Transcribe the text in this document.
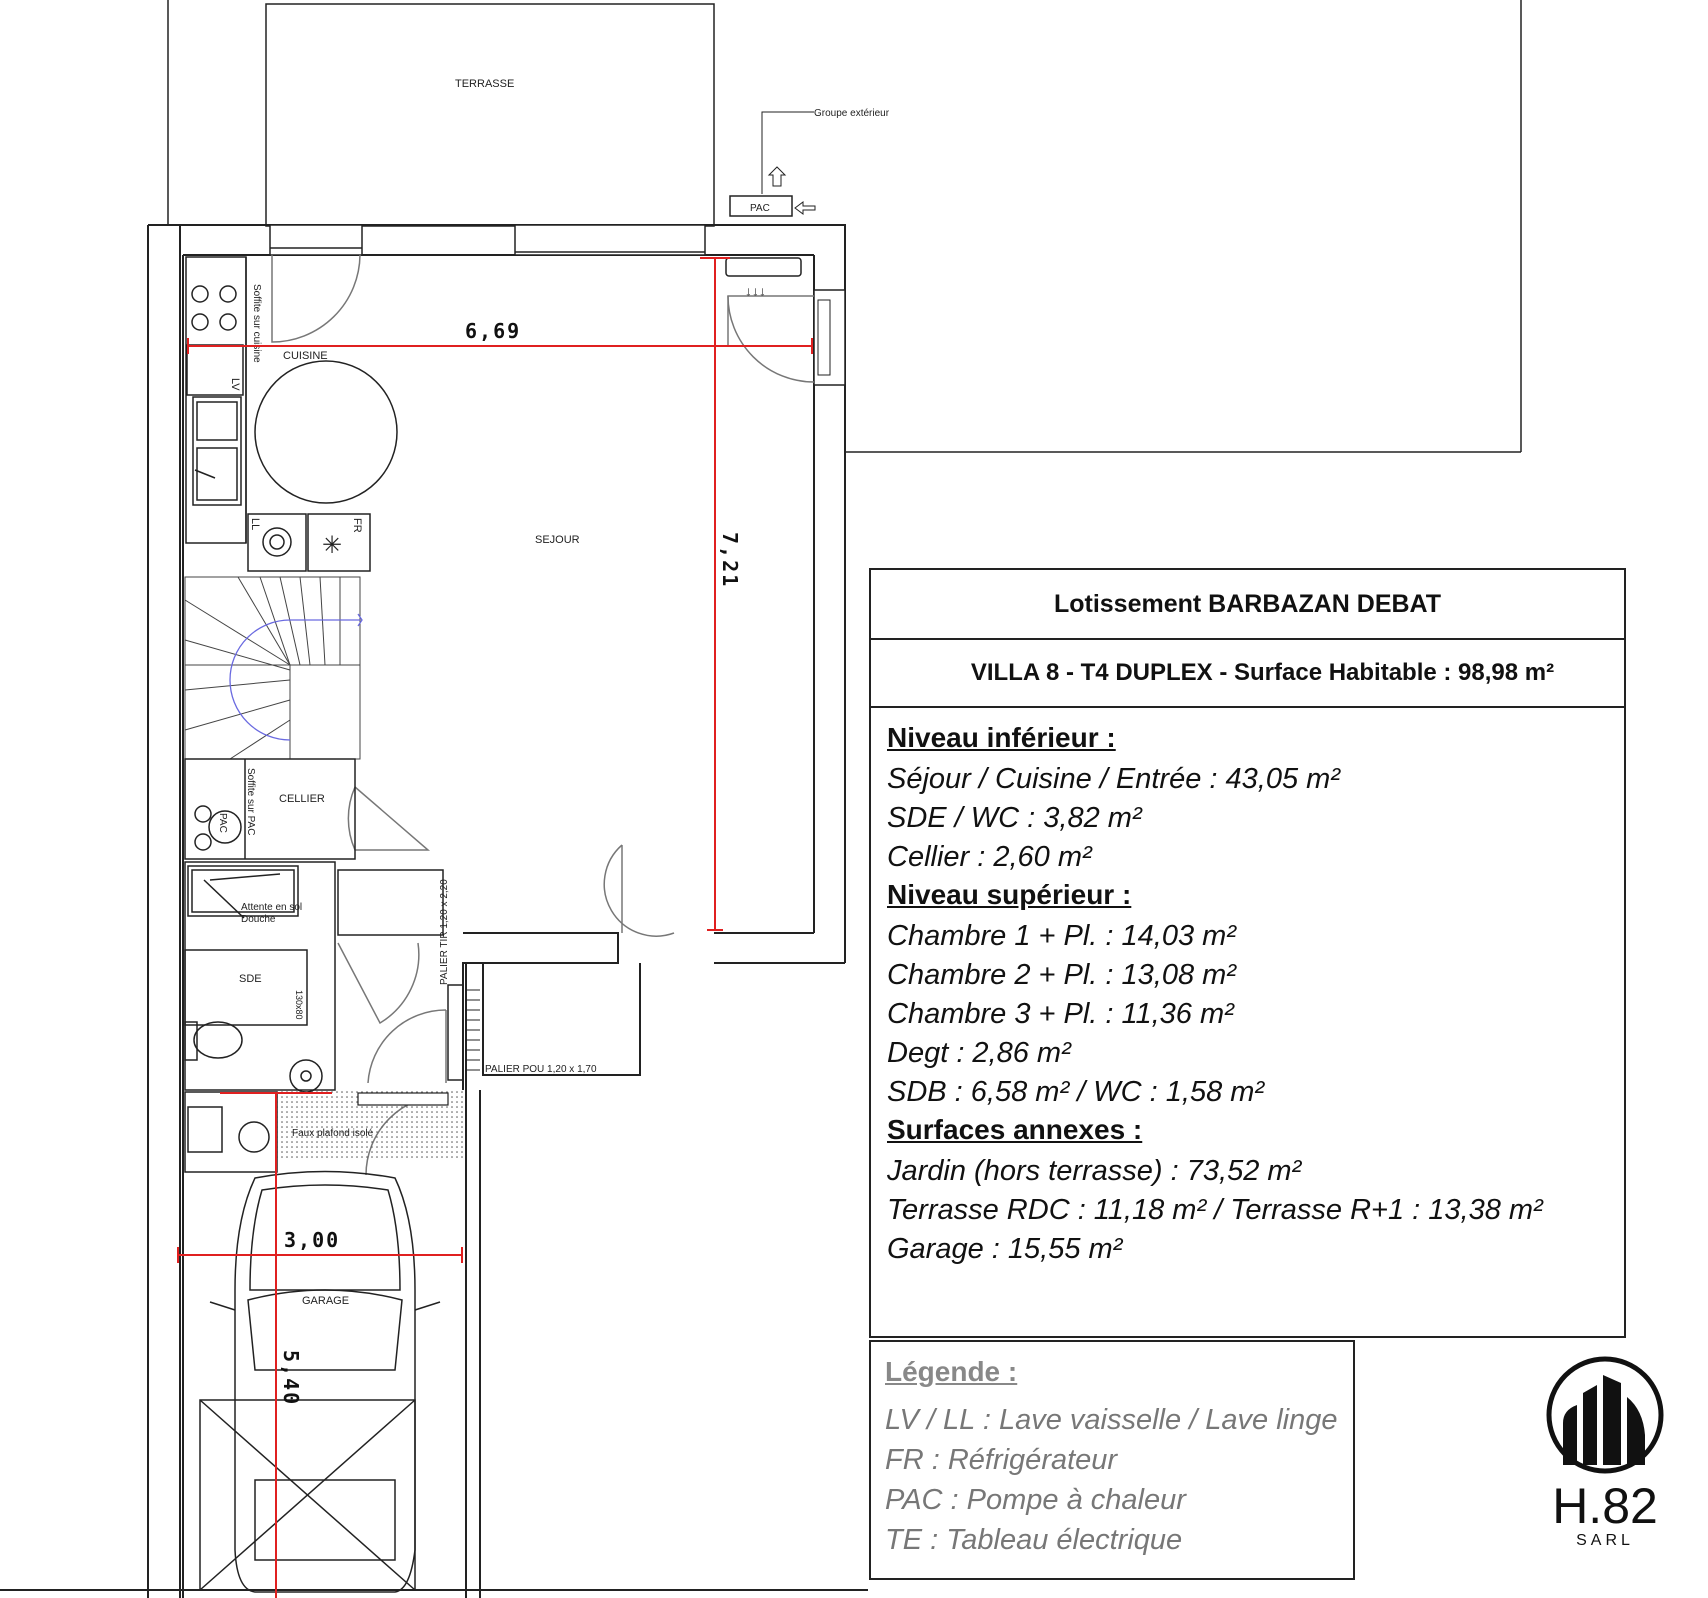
TERRASSE
Groupe extérieur
PAC
↓↓↓
LV
LL	FR
✳
Soffite sur cuisine CUISINE
SEJOUR
CELLIER
Soffite sur PAC
PAC
Attente en sol
Douche
SDE
130x80
PALIER TIR 1,20 x 2,20
PALIER POU 1,20 x 1,70
Faux plafond isolé
GARAGE
6,69
7,21
3,00
5,40
Lotissement BARBAZAN DEBAT
VILLA 8 - T4 DUPLEX - Surface Habitable : 98,98 m²
Niveau inférieur :
Séjour / Cuisine / Entrée : 43,05 m²
SDE / WC : 3,82 m²
Cellier : 2,60 m²
Niveau supérieur :
Chambre 1 + Pl. : 14,03 m²
Chambre 2 + Pl. : 13,08 m²
Chambre 3 + Pl. : 11,36 m²
Degt : 2,86 m²
SDB : 6,58 m² / WC : 1,58 m²
Surfaces annexes :
Jardin (hors terrasse) : 73,52 m²
Terrasse RDC : 11,18 m² / Terrasse R+1 : 13,38 m²
Garage : 15,55 m²
Légende :
LV / LL : Lave vaisselle / Lave linge
FR : Réfrigérateur
PAC : Pompe à chaleur
TE : Tableau électrique
H.82
SARL
